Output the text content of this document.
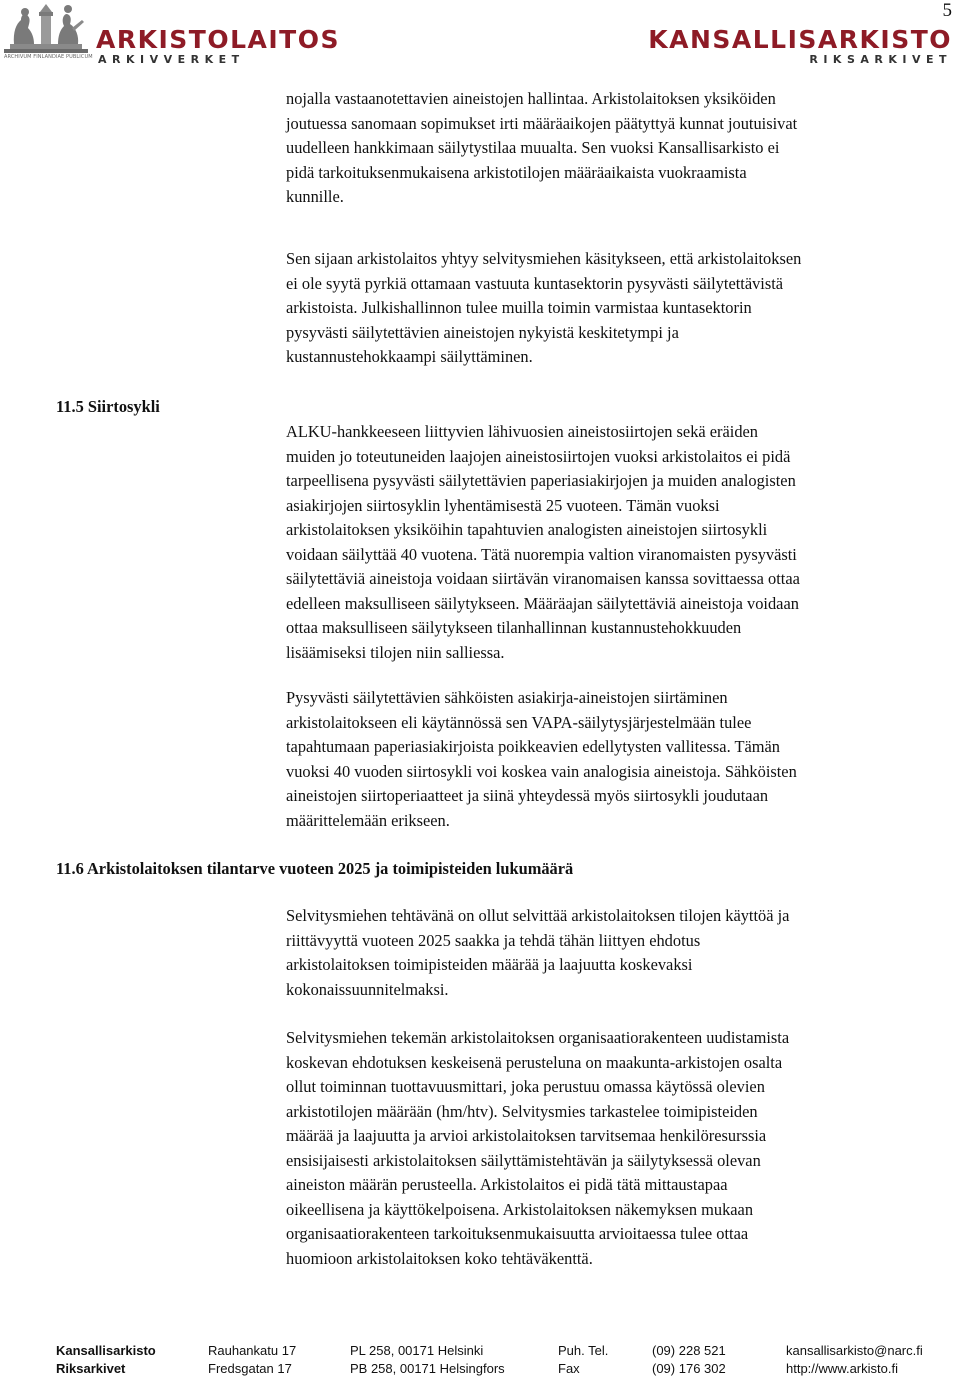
ARCHIVUM FINLANDIAE PUBLICUM
ARKISTOLAITOS
ARKIVVERKET
KANSALLISARKISTO
RIKSARKIVET
5
nojalla vastaanotettavien aineistojen hallintaa. Arkistolaitoksen yksiköiden
joutuessa sanomaan sopimukset irti määräaikojen päätyttyä kunnat joutuisivat
uudelleen hankkimaan säilytystilaa muualta. Sen vuoksi Kansallisarkisto ei
pidä tarkoituksenmukaisena arkistotilojen määräaikaista vuokraamista
kunnille.
Sen sijaan arkistolaitos yhtyy selvitysmiehen käsitykseen, että arkistolaitoksen
ei ole syytä pyrkiä ottamaan vastuuta kuntasektorin pysyvästi säilytettävistä
arkistoista. Julkishallinnon tulee muilla toimin varmistaa kuntasektorin
pysyvästi säilytettävien aineistojen nykyistä keskitetympi ja
kustannustehokkaampi säilyttäminen.
11.5 Siirtosykli
ALKU-hankkeeseen liittyvien lähivuosien aineistosiirtojen sekä eräiden
muiden jo toteutuneiden laajojen aineistosiirtojen vuoksi arkistolaitos ei pidä
tarpeellisena pysyvästi säilytettävien paperiasiakirjojen ja muiden analogisten
asiakirjojen siirtosyklin lyhentämisestä 25 vuoteen. Tämän vuoksi
arkistolaitoksen yksiköihin tapahtuvien analogisten aineistojen siirtosykli
voidaan säilyttää 40 vuotena. Tätä nuorempia valtion viranomaisten pysyvästi
säilytettäviä aineistoja voidaan siirtävän viranomaisen kanssa sovittaessa ottaa
edelleen maksulliseen säilytykseen. Määräajan säilytettäviä aineistoja voidaan
ottaa maksulliseen säilytykseen tilanhallinnan kustannustehokkuuden
lisäämiseksi tilojen niin salliessa.
Pysyvästi säilytettävien sähköisten asiakirja-aineistojen siirtäminen
arkistolaitokseen eli käytännössä sen VAPA-säilytysjärjestelmään tulee
tapahtumaan paperiasiakirjoista poikkeavien edellytysten vallitessa. Tämän
vuoksi 40 vuoden siirtosykli voi koskea vain analogisia aineistoja. Sähköisten
aineistojen siirtoperiaatteet ja siinä yhteydessä myös siirtosykli joudutaan
määrittelemään erikseen.
11.6 Arkistolaitoksen tilantarve vuoteen 2025 ja toimipisteiden lukumäärä
Selvitysmiehen tehtävänä on ollut selvittää arkistolaitoksen tilojen käyttöä ja
riittävyyttä vuoteen 2025 saakka ja tehdä tähän liittyen ehdotus
arkistolaitoksen toimipisteiden määrää ja laajuutta koskevaksi
kokonaissuunnitelmaksi.
Selvitysmiehen tekemän arkistolaitoksen organisaatiorakenteen uudistamista
koskevan ehdotuksen keskeisenä perusteluna on maakunta-arkistojen osalta
ollut toiminnan tuottavuusmittari, joka perustuu omassa käytössä olevien
arkistotilojen määrään (hm/htv). Selvitysmies tarkastelee toimipisteiden
määrää ja laajuutta ja arvioi arkistolaitoksen tarvitsemaa henkilöresurssia
ensisijaisesti arkistolaitoksen säilyttämistehtävän ja säilytyksessä olevan
aineiston määrän perusteella. Arkistolaitos ei pidä tätä mittaustapaa
oikeellisena ja käyttökelpoisena. Arkistolaitoksen näkemyksen mukaan
organisaatiorakenteen tarkoituksenmukaisuutta arvioitaessa tulee ottaa
huomioon arkistolaitoksen koko tehtäväkenttä.
Kansallisarkisto	Rauhankatu 17	PL 258, 00171 Helsinki	Puh. Tel.	(09) 228 521	kansallisarkisto@narc.fi
Riksarkivet	Fredsgatan 17	PB 258, 00171 Helsingfors	Fax	(09) 176 302	http://www.arkisto.fi
